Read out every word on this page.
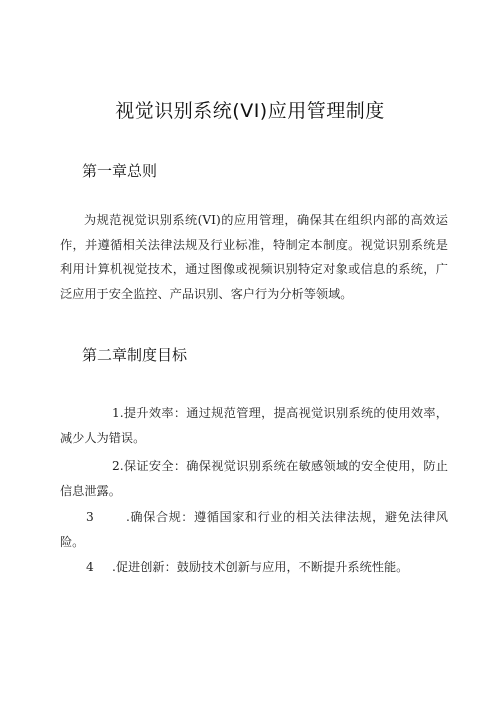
视觉识别系统(VI)应用管理制度
第一章总则
为规范视觉识别系统(VI)的应用管理，确保其在组织内部的高效运作，并遵循相关法律法规及行业标准，特制定本制度。视觉识别系统是利用计算机视觉技术，通过图像或视频识别特定对象或信息的系统，广泛应用于安全监控、产品识别、客户行为分析等领域。
第二章制度目标
1.提升效率：通过规范管理，提高视觉识别系统的使用效率，减少人为错误。
2.保证安全：确保视觉识别系统在敏感领域的安全使用，防止信息泄露。
3	.确保合规：遵循国家和行业的相关法律法规，避免法律风险。
4 .促进创新：鼓励技术创新与应用，不断提升系统性能。
